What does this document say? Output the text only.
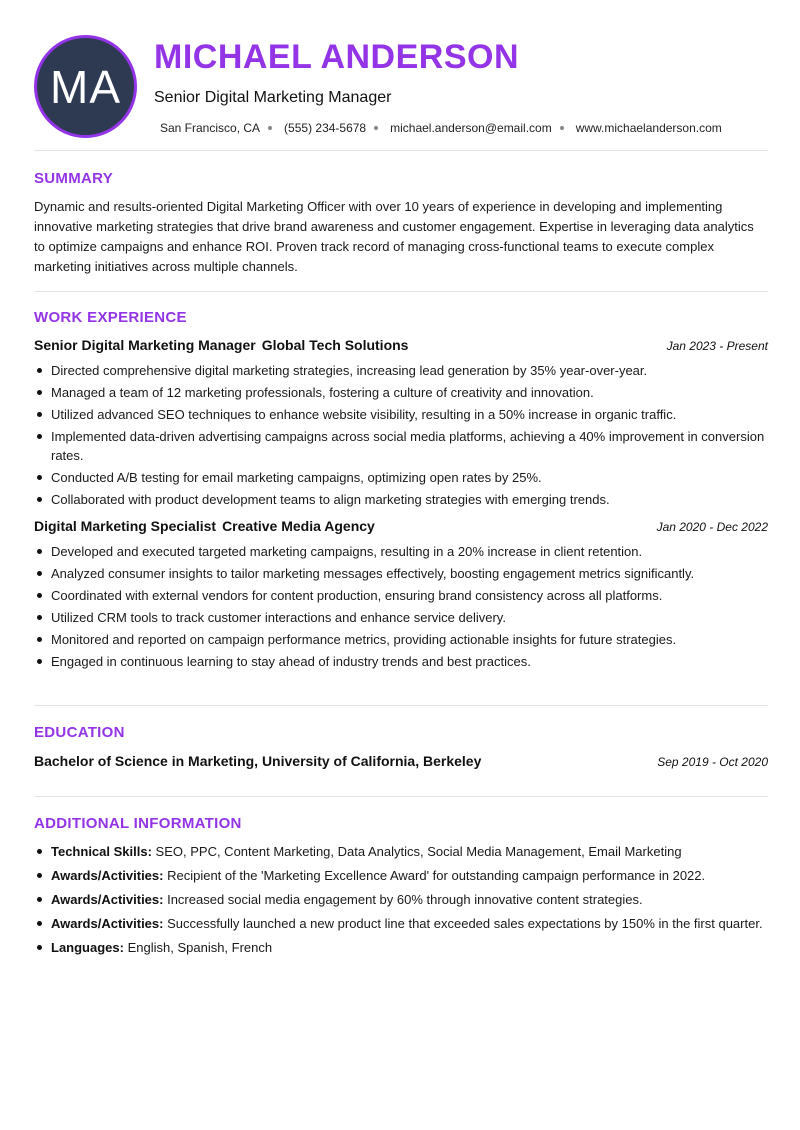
MA
MICHAEL ANDERSON
Senior Digital Marketing Manager
San Francisco, CA (555) 234-5678 michael.anderson@email.com www.michaelanderson.com
SUMMARY

Dynamic and results-oriented Digital Marketing Officer with over 10 years of experience in developing and implementing innovative marketing strategies that drive brand awareness and customer engagement. Expertise in leveraging data analytics to optimize campaigns and enhance ROI. Proven track record of managing cross-functional teams to execute complex marketing initiatives across multiple channels.

WORK EXPERIENCE
Senior Digital Marketing Manager Global Tech Solutions	Jan 2023 - Present
Directed comprehensive digital marketing strategies, increasing lead generation by 35% year-over-year.
Managed a team of 12 marketing professionals, fostering a culture of creativity and innovation.
Utilized advanced SEO techniques to enhance website visibility, resulting in a 50% increase in organic traffic.
Implemented data-driven advertising campaigns across social media platforms, achieving a 40% improvement in conversion rates.
Conducted A/B testing for email marketing campaigns, optimizing open rates by 25%.
Collaborated with product development teams to align marketing strategies with emerging trends.
Digital Marketing Specialist Creative Media Agency	Jan 2020 - Dec 2022
Developed and executed targeted marketing campaigns, resulting in a 20% increase in client retention.
Analyzed consumer insights to tailor marketing messages effectively, boosting engagement metrics significantly.
Coordinated with external vendors for content production, ensuring brand consistency across all platforms.
Utilized CRM tools to track customer interactions and enhance service delivery.
Monitored and reported on campaign performance metrics, providing actionable insights for future strategies.
Engaged in continuous learning to stay ahead of industry trends and best practices.
EDUCATION
Bachelor of Science in Marketing, University of California, Berkeley	Sep 2019 - Oct 2020
ADDITIONAL INFORMATION
Technical Skills: SEO, PPC, Content Marketing, Data Analytics, Social Media Management, Email Marketing
Awards/Activities: Recipient of the 'Marketing Excellence Award' for outstanding campaign performance in 2022.
Awards/Activities: Increased social media engagement by 60% through innovative content strategies.
Awards/Activities: Successfully launched a new product line that exceeded sales expectations by 150% in the first quarter.
Languages: English, Spanish, French
